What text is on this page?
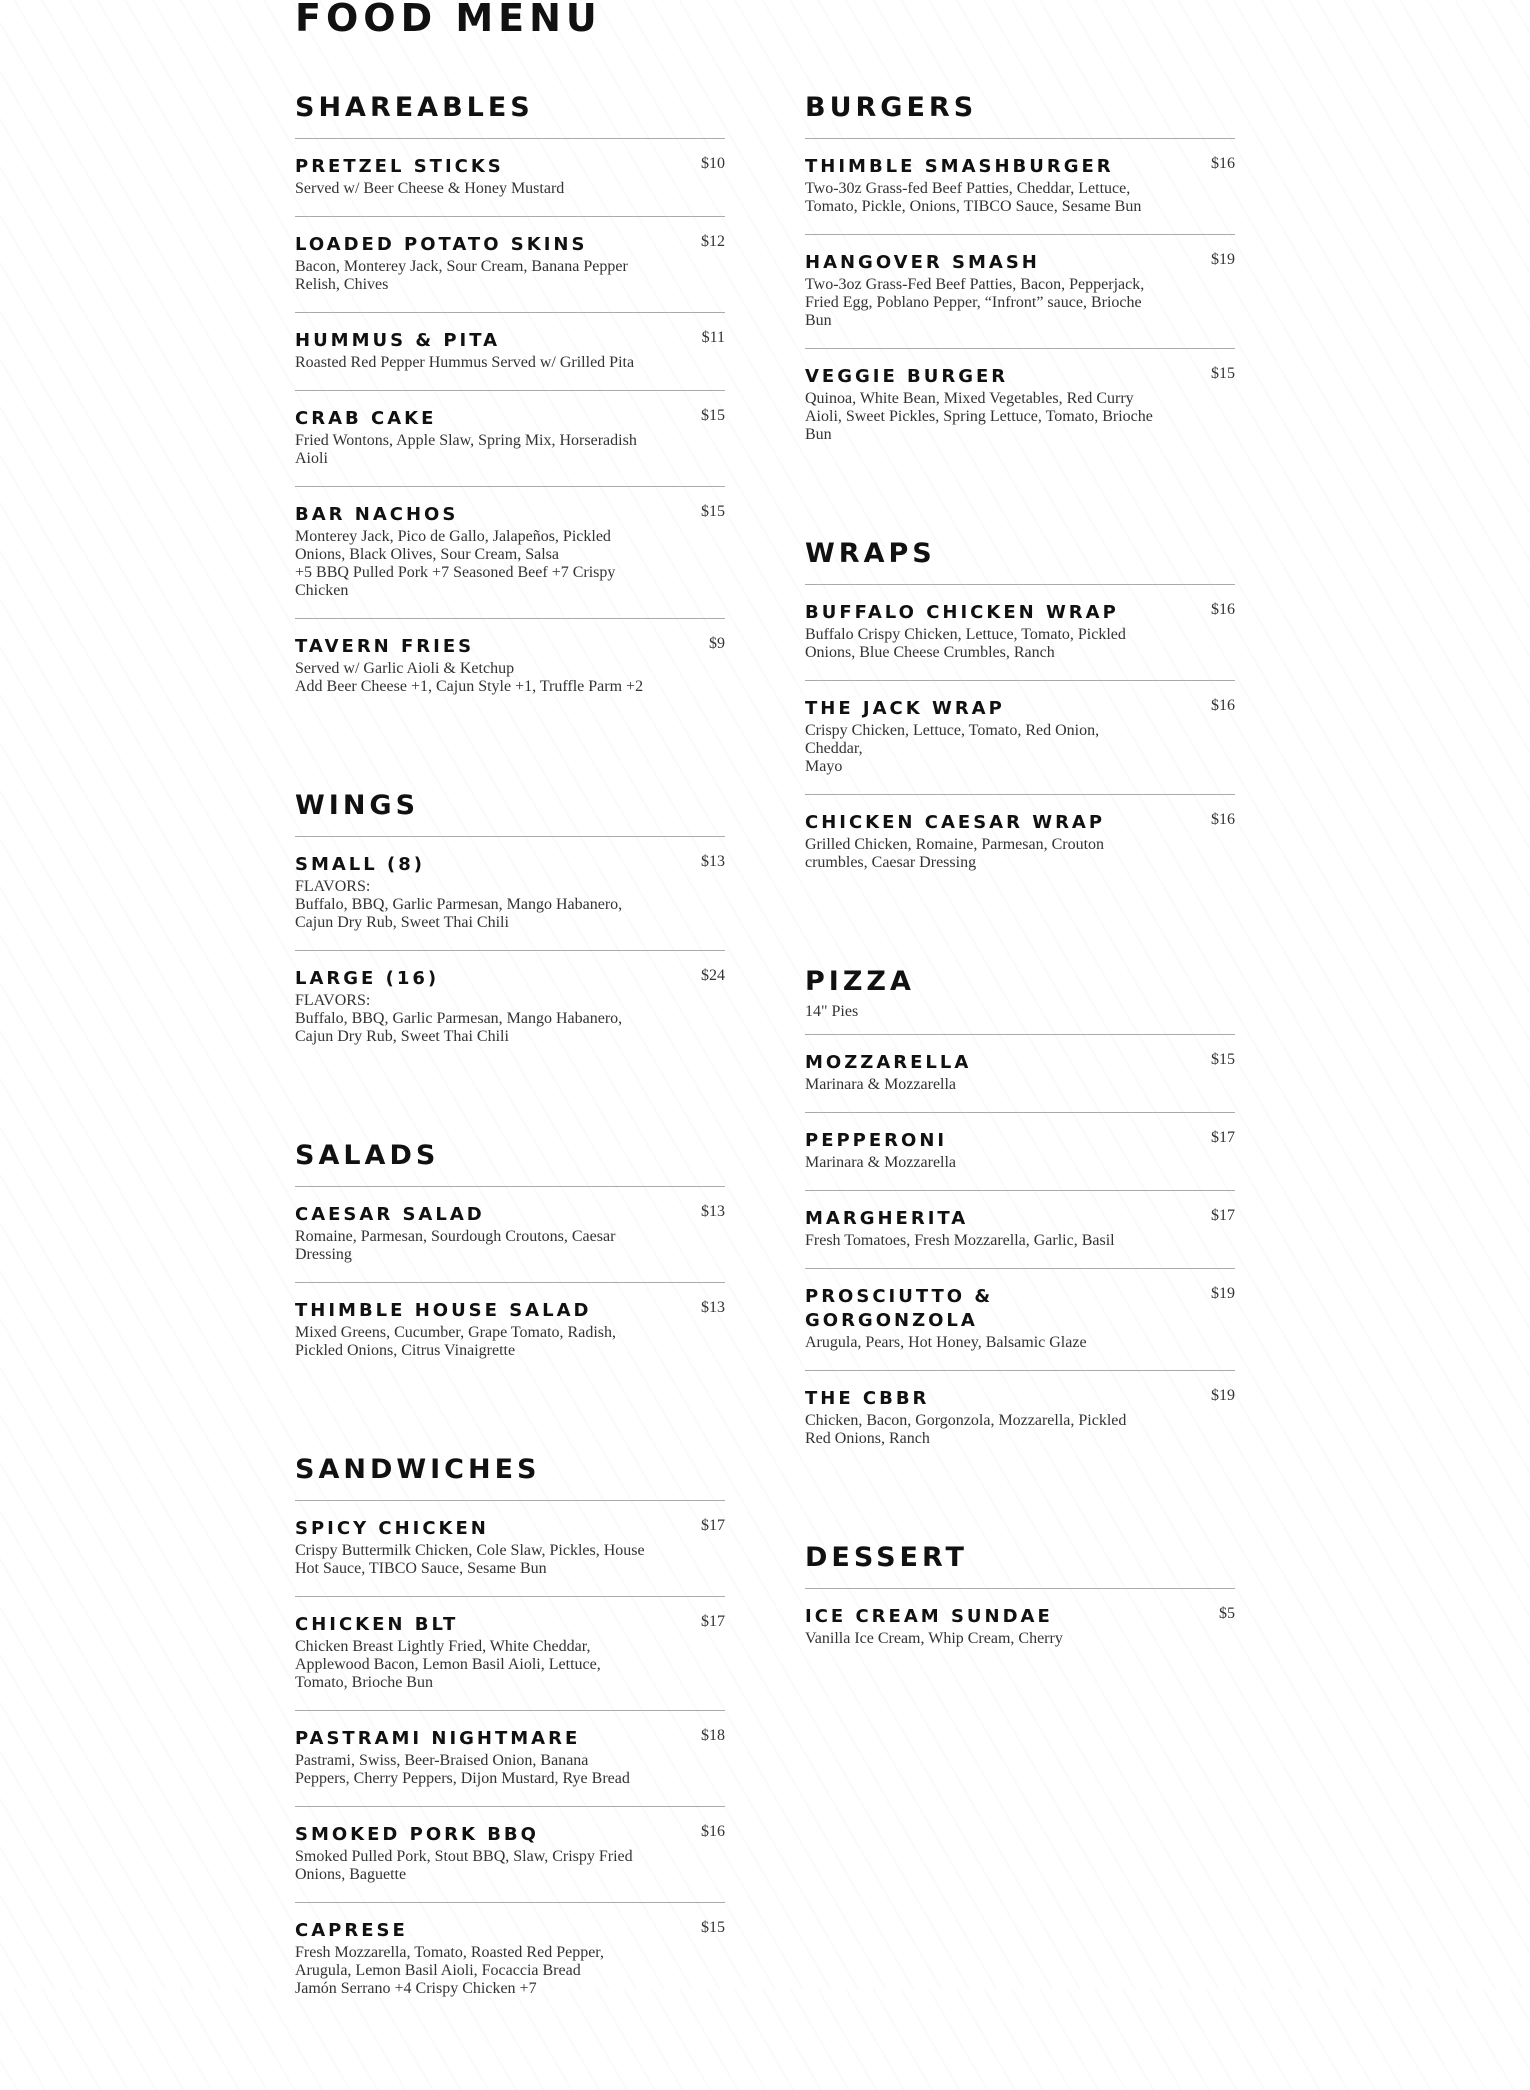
FOOD MENU
SHAREABLES
PRETZEL STICKS	$10
Served w/ Beer Cheese & Honey Mustard
LOADED POTATO SKINS	$12
Bacon, Monterey Jack, Sour Cream, Banana Pepper Relish, Chives
HUMMUS & PITA	$11
Roasted Red Pepper Hummus Served w/ Grilled Pita
CRAB CAKE	$15
Fried Wontons, Apple Slaw, Spring Mix, Horseradish Aioli
BAR NACHOS	$15
Monterey Jack, Pico de Gallo, Jalapeños, Pickled Onions, Black Olives, Sour Cream, Salsa
+5 BBQ Pulled Pork +7 Seasoned Beef +7 Crispy Chicken
TAVERN FRIES	$9
Served w/ Garlic Aioli & Ketchup
Add Beer Cheese +1, Cajun Style +1, Truffle Parm +2
WINGS
SMALL (8)	$13
FLAVORS:
Buffalo, BBQ, Garlic Parmesan, Mango Habanero, Cajun Dry Rub, Sweet Thai Chili
LARGE (16)	$24
FLAVORS:
Buffalo, BBQ, Garlic Parmesan, Mango Habanero, Cajun Dry Rub, Sweet Thai Chili
SALADS
CAESAR SALAD	$13
Romaine, Parmesan, Sourdough Croutons, Caesar Dressing
THIMBLE HOUSE SALAD	$13
Mixed Greens, Cucumber, Grape Tomato, Radish, Pickled Onions, Citrus Vinaigrette
SANDWICHES
SPICY CHICKEN	$17
Crispy Buttermilk Chicken, Cole Slaw, Pickles, House
Hot Sauce, TIBCO Sauce, Sesame Bun
CHICKEN BLT	$17
Chicken Breast Lightly Fried, White Cheddar, Applewood Bacon, Lemon Basil Aioli, Lettuce, Tomato, Brioche Bun
PASTRAMI NIGHTMARE	$18
Pastrami, Swiss, Beer-Braised Onion, Banana Peppers, Cherry Peppers, Dijon Mustard, Rye Bread
SMOKED PORK BBQ	$16
Smoked Pulled Pork, Stout BBQ, Slaw, Crispy Fried Onions, Baguette
CAPRESE	$15
Fresh Mozzarella, Tomato, Roasted Red Pepper, Arugula, Lemon Basil Aioli, Focaccia Bread
Jamón Serrano +4 Crispy Chicken +7
BURGERS
THIMBLE SMASHBURGER	$16
Two-30z Grass-fed Beef Patties, Cheddar, Lettuce, Tomato, Pickle, Onions, TIBCO Sauce, Sesame Bun
HANGOVER SMASH	$19
Two-3oz Grass-Fed Beef Patties, Bacon, Pepperjack, Fried Egg, Poblano Pepper, “Infront” sauce, Brioche Bun
VEGGIE BURGER	$15
Quinoa, White Bean, Mixed Vegetables, Red Curry Aioli, Sweet Pickles, Spring Lettuce, Tomato, Brioche Bun
WRAPS
BUFFALO CHICKEN WRAP	$16
Buffalo Crispy Chicken, Lettuce, Tomato, Pickled Onions, Blue Cheese Crumbles, Ranch
THE JACK WRAP	$16
Crispy Chicken, Lettuce, Tomato, Red Onion, Cheddar,
Mayo
CHICKEN CAESAR WRAP	$16
Grilled Chicken, Romaine, Parmesan, Crouton crumbles, Caesar Dressing
PIZZA
14" Pies
MOZZARELLA	$15
Marinara & Mozzarella
PEPPERONI	$17
Marinara & Mozzarella
MARGHERITA	$17
Fresh Tomatoes, Fresh Mozzarella, Garlic, Basil
PROSCIUTTO & GORGONZOLA
$19
Arugula, Pears, Hot Honey, Balsamic Glaze
THE CBBR	$19
Chicken, Bacon, Gorgonzola, Mozzarella, Pickled Red Onions, Ranch
DESSERT
ICE CREAM SUNDAE	$5
Vanilla Ice Cream, Whip Cream, Cherry
